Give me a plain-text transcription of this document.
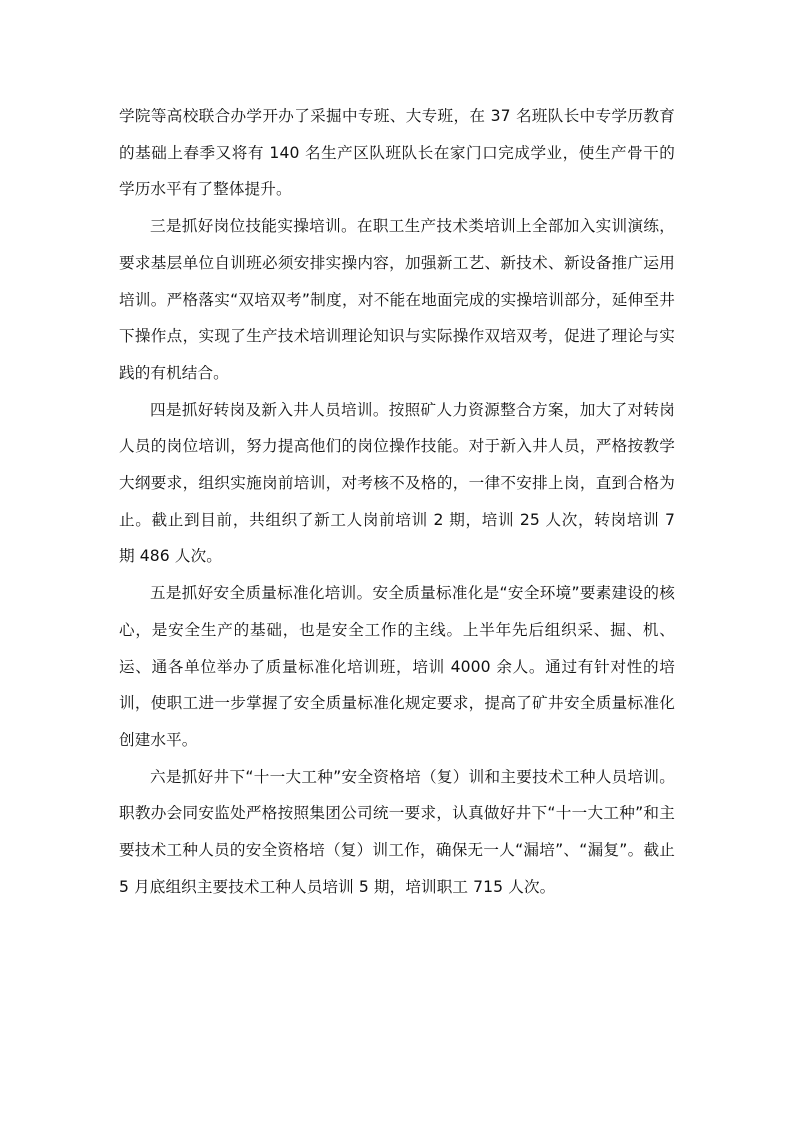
学院等高校联合办学开办了采掘中专班、大专班，在 37 名班队长中专学历教育的基础上春季又将有 140 名生产区队班队长在家门口完成学业，使生产骨干的学历水平有了整体提升。

三是抓好岗位技能实操培训。在职工生产技术类培训上全部加入实训演练，要求基层单位自训班必须安排实操内容，加强新工艺、新技术、新设备推广运用培训。严格落实“双培双考”制度，对不能在地面完成的实操培训部分，延伸至井下操作点，实现了生产技术培训理论知识与实际操作双培双考，促进了理论与实践的有机结合。

四是抓好转岗及新入井人员培训。按照矿人力资源整合方案，加大了对转岗人员的岗位培训，努力提高他们的岗位操作技能。对于新入井人员，严格按教学大纲要求，组织实施岗前培训，对考核不及格的，一律不安排上岗，直到合格为止。截止到目前，共组织了新工人岗前培训 2 期，培训 25 人次，转岗培训 7 期 486 人次。

五是抓好安全质量标准化培训。安全质量标准化是“安全环境”要素建设的核心，是安全生产的基础，也是安全工作的主线。上半年先后组织采、掘、机、运、通各单位举办了质量标准化培训班，培训 4000 余人。通过有针对性的培训，使职工进一步掌握了安全质量标准化规定要求，提高了矿井安全质量标准化创建水平。

六是抓好井下“十一大工种”安全资格培（复）训和主要技术工种人员培训。职教办会同安监处严格按照集团公司统一要求，认真做好井下“十一大工种”和主要技术工种人员的安全资格培（复）训工作，确保无一人“漏培”、“漏复”。截止 5 月底组织主要技术工种人员培训 5 期，培训职工 715 人次。
